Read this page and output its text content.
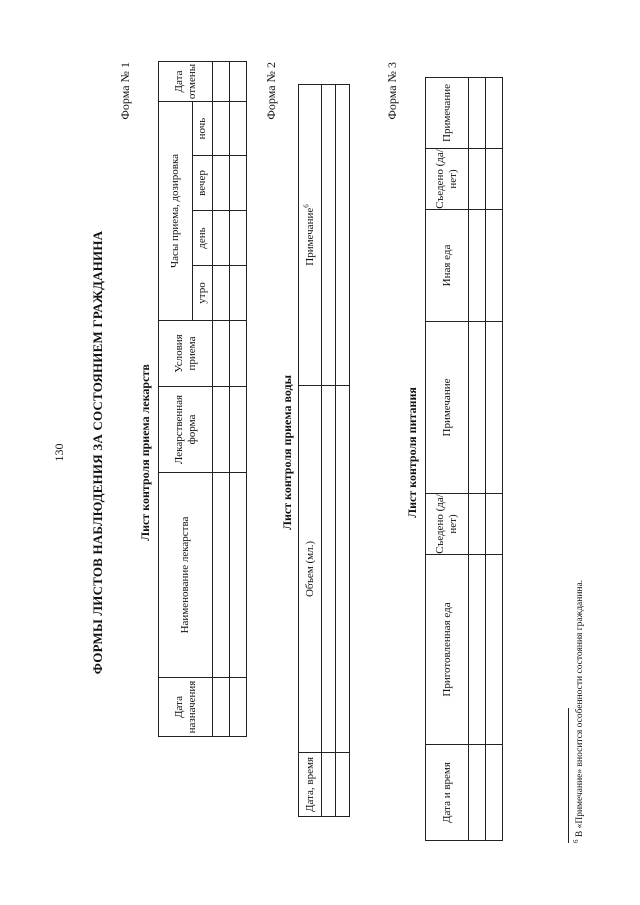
130 ФОРМЫ ЛИСТОВ НАБЛЮДЕНИЯ ЗА СОСТОЯНИЕМ ГРАЖДАНИНА
Форма № 1
Лист контроля приема лекарств
Дата назначения	Наименование лекарства	Лекарственная форма	Условия приема	Часы приема, дозировка				Дата отмены
				утро	день	вечер	ночь	

Форма № 2
Лист контроля приема воды
Дата, время	Объем (мл.)	Примечание$^6$

Форма № 3
Лист контроля питания
Дата и время	Приготовленная еда	Съедено (да/нет)	Примечание	Иная еда	Съедено (да/нет)	Примечание

$^6$ В «Примечание» вносится особенности состояния гражданина.
